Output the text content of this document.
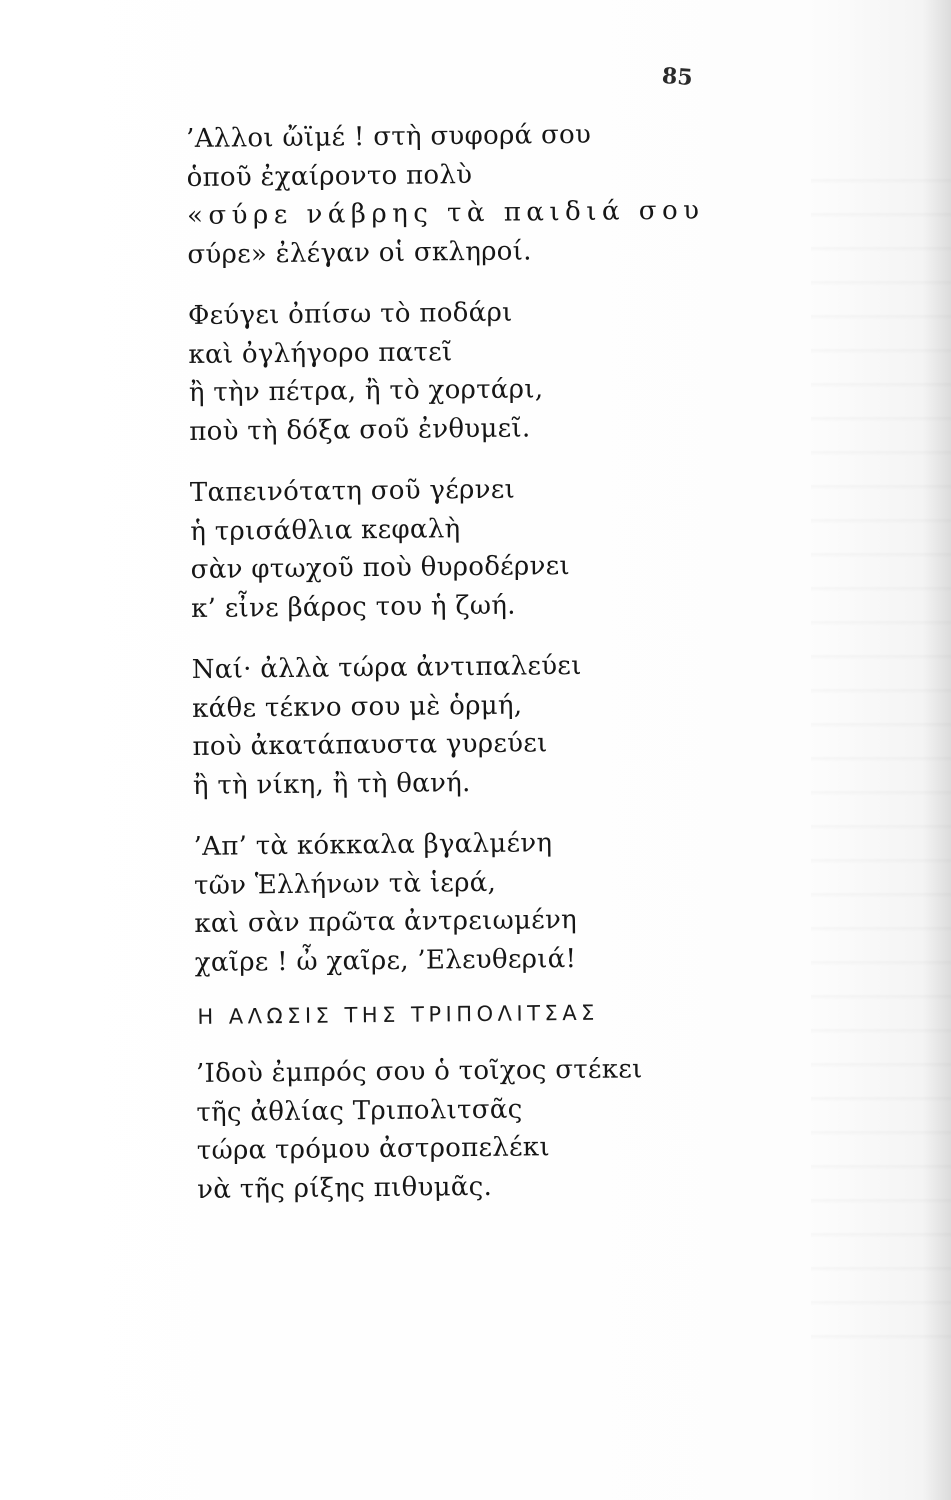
85
’Αλλοι ὤϊμέ ! στὴ συφορά σου
ὁποῦ ἐχαίροντο πολὺ
«σύρε νάβρης τὰ παιδιά σου
σύρε» ἐλέγαν οἱ σκληροί.
Φεύγει ὀπίσω τὸ ποδάρι
καὶ ὀγλήγορο πατεῖ
ἢ τὴν πέτρα, ἢ τὸ χορτάρι,
ποὺ τὴ δόξα σοῦ ἐνθυμεῖ.
Ταπεινότατη σοῦ γέρνει
ἡ τρισάθλια κεφαλὴ
σὰν φτωχοῦ ποὺ θυροδέρνει
κ’ εἶνε βάρος του ἡ ζωή.
Ναί· ἀλλὰ τώρα ἀντιπαλεύει
κάθε τέκνο σου μὲ ὁρμή,
ποὺ ἀκατάπαυστα γυρεύει
ἢ τὴ νίκη, ἢ τὴ θανή.
’Απ’ τὰ κόκκαλα βγαλμένη
τῶν Ἑλλήνων τὰ ἱερά,
καὶ σὰν πρῶτα ἀντρειωμένη
χαῖρε ! ὦ χαῖρε, ’Ελευθεριά!
Η ΑΛΩΣΙΣ ΤΗΣ ΤΡΙΠΟΛΙΤΣΑΣ
’Ιδοὺ ἐμπρός σου ὁ τοῖχος στέκει
τῆς ἀθλίας Τριπολιτσᾶς
τώρα τρόμου ἀστροπελέκι
νὰ τῆς ρίξης πιθυμᾶς.
